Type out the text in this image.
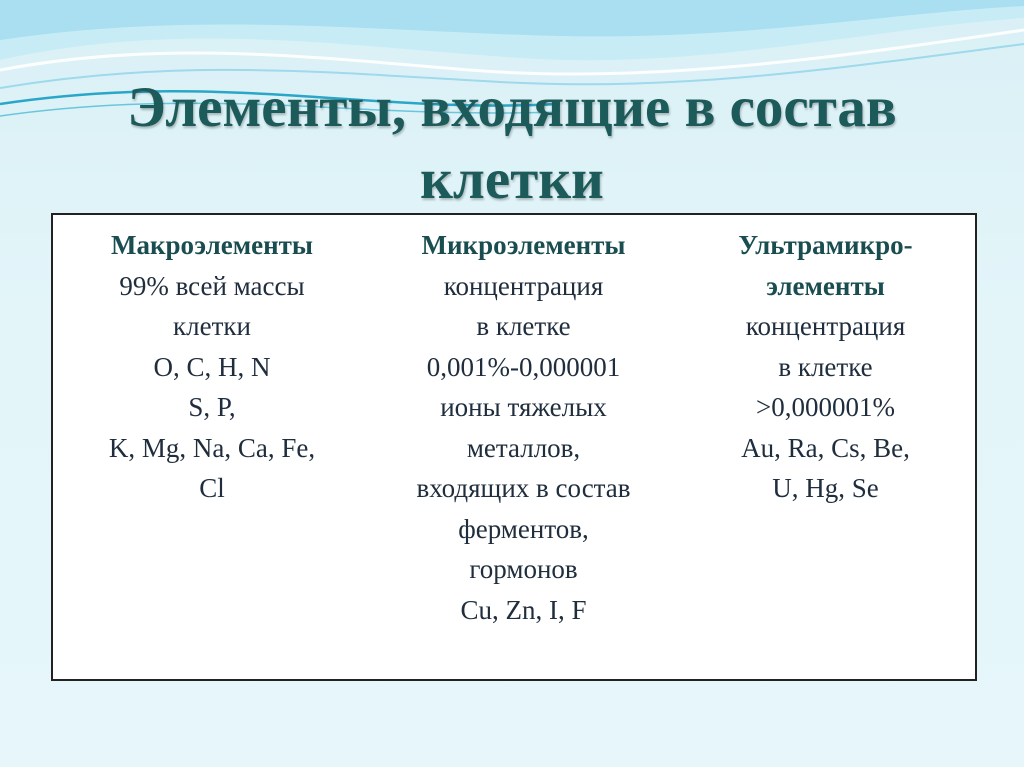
Элементы, входящие в состав
клетки
Макроэлементы
99% всей массы
клетки
O, C, H, N
S, P,
K, Mg, Na, Ca, Fe,
Cl
Микроэлементы
концентрация
в клетке
0,001%-0,000001
ионы тяжелых
металлов,
входящих в состав
ферментов,
гормонов
Cu, Zn, I, F
Ультрамикро-
элементы
концентрация
в клетке
>0,000001%
Au, Ra, Cs, Be,
U, Hg, Se
